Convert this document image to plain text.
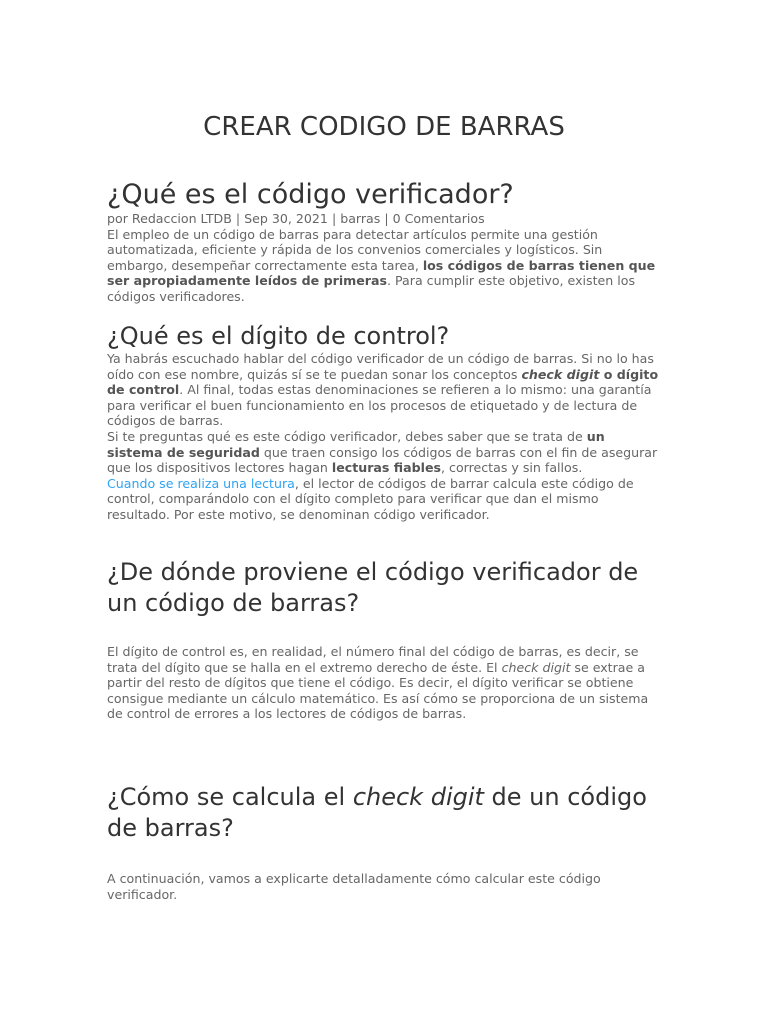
CREAR CODIGO DE BARRAS
¿Qué es el código verificador?
por Redaccion LTDB | Sep 30, 2021 | barras | 0 Comentarios

El empleo de un código de barras para detectar artículos permite una gestión automatizada, eficiente y rápida de los convenios comerciales y logísticos. Sin embargo, desempeñar correctamente esta tarea, los códigos de barras tienen que ser apropiadamente leídos de primeras. Para cumplir este objetivo, existen los códigos verificadores.

¿Qué es el dígito de control?

Ya habrás escuchado hablar del código verificador de un código de barras. Si no lo has oído con ese nombre, quizás sí se te puedan sonar los conceptos check digit o dígito de control. Al final, todas estas denominaciones se refieren a lo mismo: una garantía para verificar el buen funcionamiento en los procesos de etiquetado y de lectura de códigos de barras.

Si te preguntas qué es este código verificador, debes saber que se trata de un sistema de seguridad que traen consigo los códigos de barras con el fin de asegurar que los dispositivos lectores hagan lecturas fiables, correctas y sin fallos.

Cuando se realiza una lectura, el lector de códigos de barrar calcula este código de control, comparándolo con el dígito completo para verificar que dan el mismo resultado. Por este motivo, se denominan código verificador.

¿De dónde proviene el código verificador de un código de barras?

El dígito de control es, en realidad, el número final del código de barras, es decir, se trata del dígito que se halla en el extremo derecho de éste. El check digit se extrae a partir del resto de dígitos que tiene el código. Es decir, el dígito verificar se obtiene consigue mediante un cálculo matemático. Es así cómo se proporciona de un sistema de control de errores a los lectores de códigos de barras.

¿Cómo se calcula el check digit de un código de barras?

A continuación, vamos a explicarte detalladamente cómo calcular este código verificador.
